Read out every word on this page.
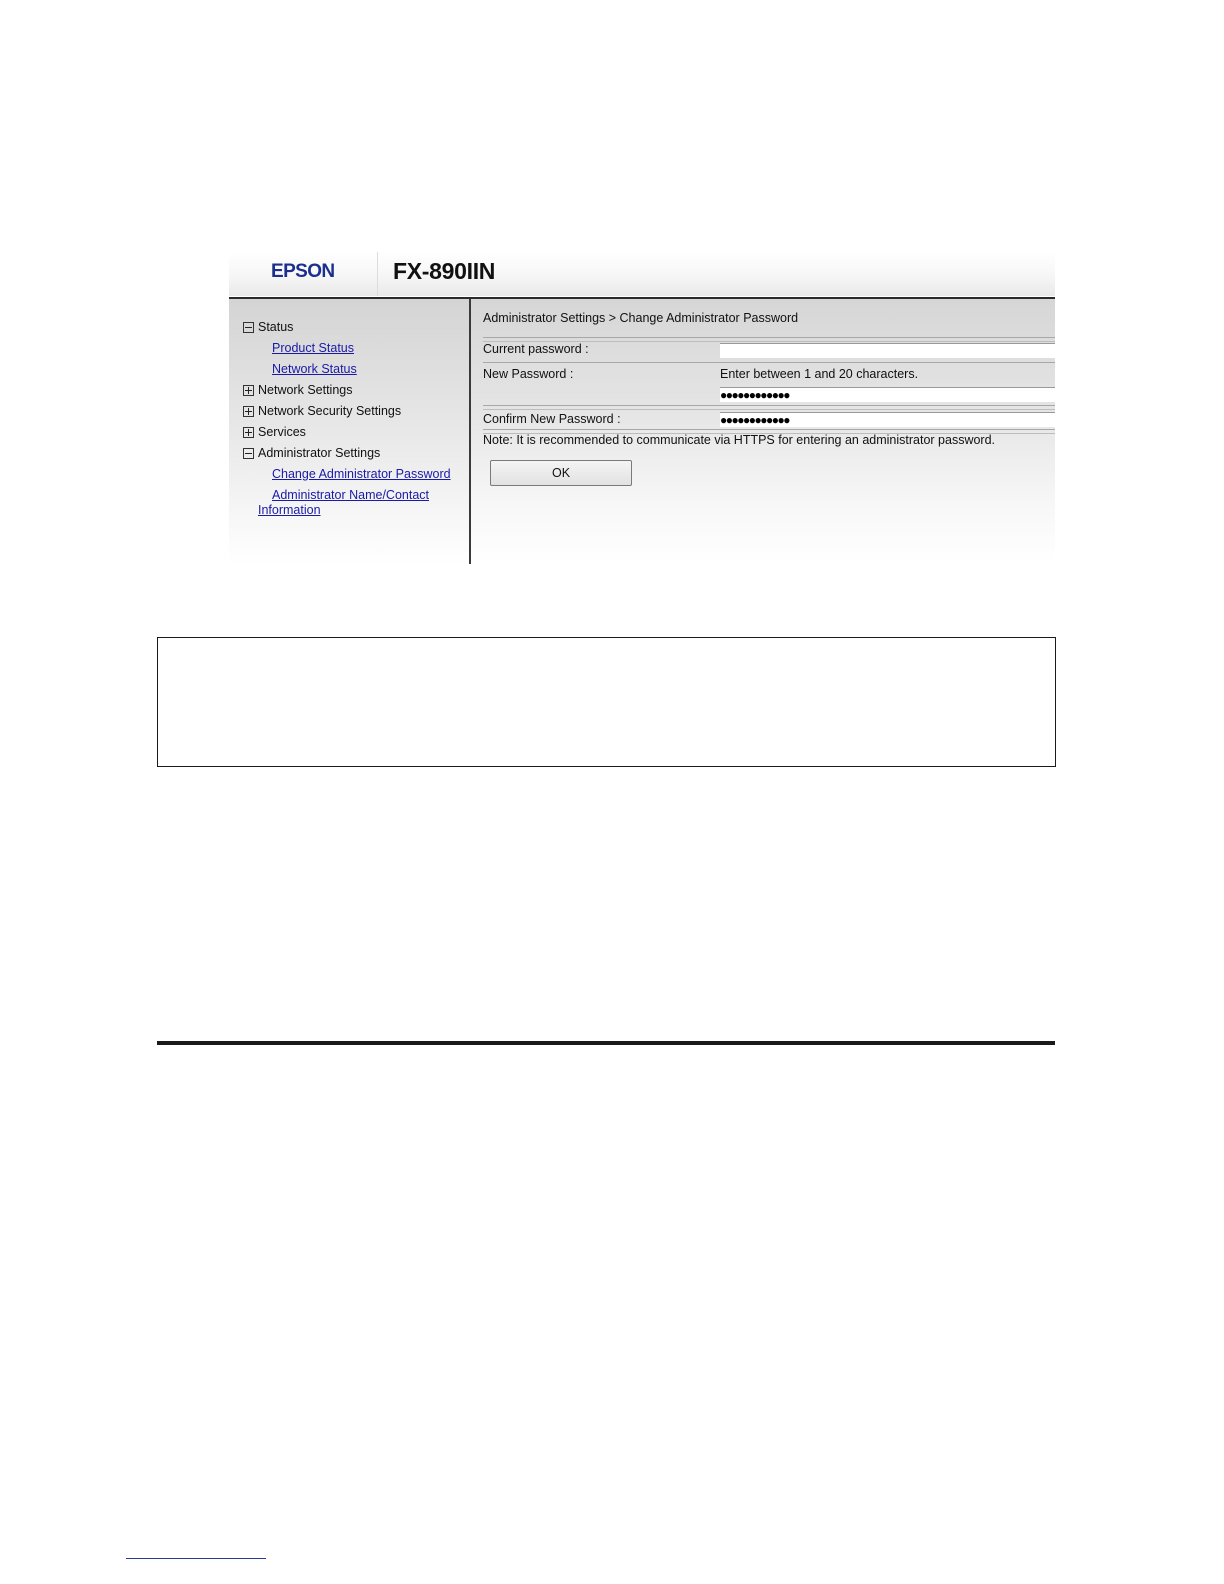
EPSON	FX-890IIN
Status
Product Status
Network Status
Network Settings
Network Security Settings
Services
Administrator Settings
Change Administrator Password
Administrator Name/Contact
Information
Administrator Settings > Change Administrator Password
Current password :
New Password :	Enter between 1 and 20 characters.
●●●●●●●●●●●●
Confirm New Password :	●●●●●●●●●●●●
Note: It is recommended to communicate via HTTPS for entering an administrator password.
OK
